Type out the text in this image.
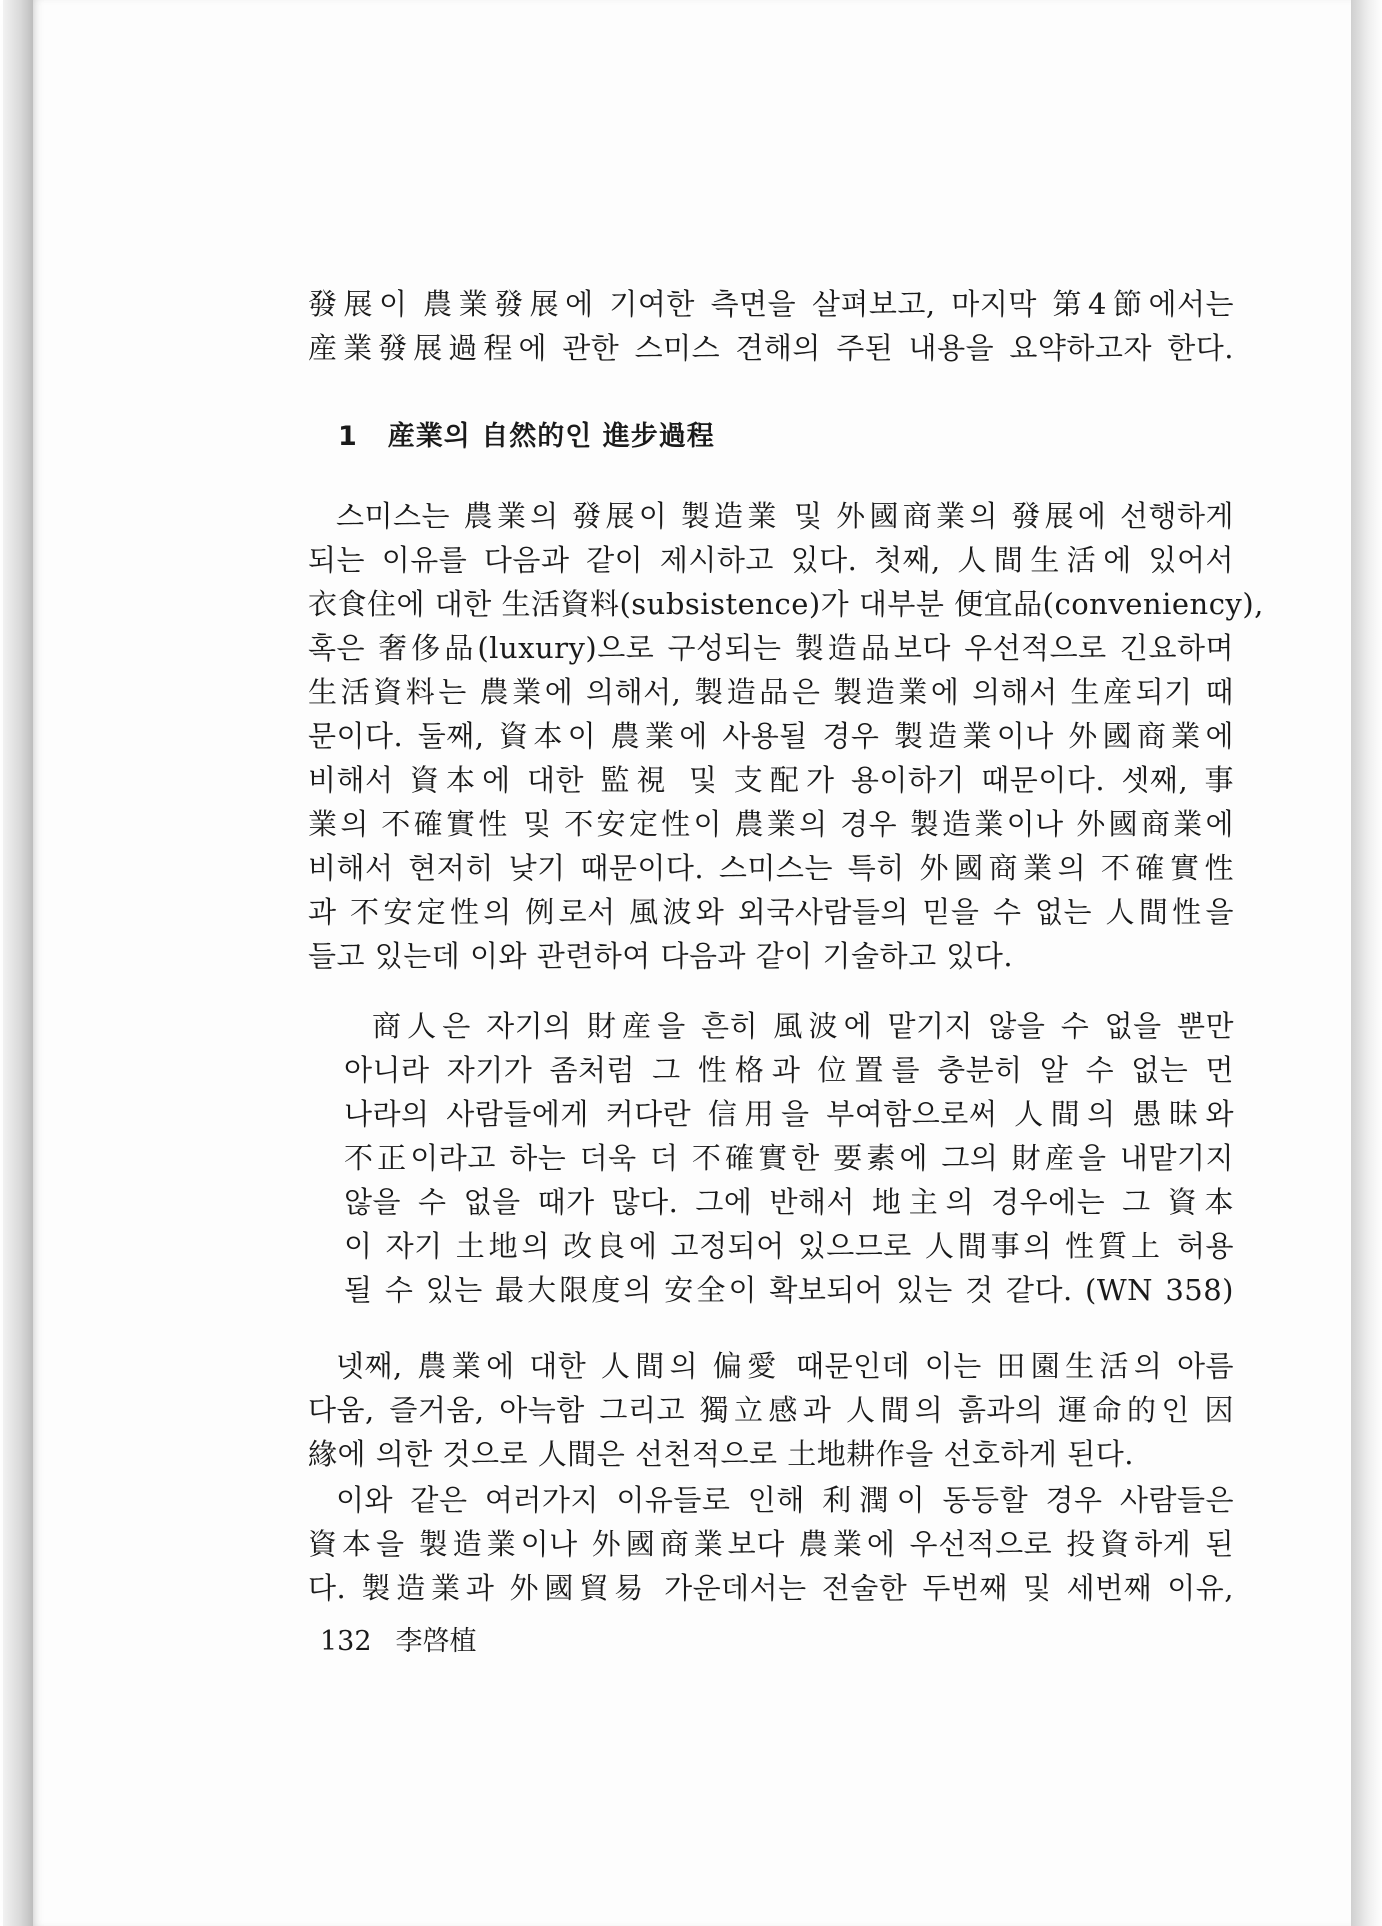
發展이 農業發展에 기여한 측면을 살펴보고, 마지막 第4節에서는
産業發展過程에 관한 스미스 견해의 주된 내용을 요약하고자 한다.
1 産業의 自然的인 進步過程
스미스는 農業의 發展이 製造業 및 外國商業의 發展에 선행하게
되는 이유를 다음과 같이 제시하고 있다. 첫째, 人間生活에 있어서
衣食住에 대한 生活資料(subsistence)가 대부분 便宜品(conveniency),
혹은 奢侈品(luxury)으로 구성되는 製造品보다 우선적으로 긴요하며
生活資料는 農業에 의해서, 製造品은 製造業에 의해서 生産되기 때
문이다. 둘째, 資本이 農業에 사용될 경우 製造業이나 外國商業에
비해서 資本에 대한 監視 및 支配가 용이하기 때문이다. 셋째, 事
業의 不確實性 및 不安定性이 農業의 경우 製造業이나 外國商業에
비해서 현저히 낮기 때문이다. 스미스는 특히 外國商業의 不確實性
과 不安定性의 例로서 風波와 외국사람들의 믿을 수 없는 人間性을
들고 있는데 이와 관련하여 다음과 같이 기술하고 있다.
商人은 자기의 財産을 흔히 風波에 맡기지 않을 수 없을 뿐만
아니라 자기가 좀처럼 그 性格과 位置를 충분히 알 수 없는 먼
나라의 사람들에게 커다란 信用을 부여함으로써 人間의 愚昧와
不正이라고 하는 더욱 더 不確實한 要素에 그의 財産을 내맡기지
않을 수 없을 때가 많다. 그에 반해서 地主의 경우에는 그 資本
이 자기 土地의 改良에 고정되어 있으므로 人間事의 性質上 허용
될 수 있는 最大限度의 安全이 확보되어 있는 것 같다. (WN 358)
넷째, 農業에 대한 人間의 偏愛 때문인데 이는 田園生活의 아름
다움, 즐거움, 아늑함 그리고 獨立感과 人間의 흙과의 運命的인 因
緣에 의한 것으로 人間은 선천적으로 土地耕作을 선호하게 된다.
이와 같은 여러가지 이유들로 인해 利潤이 동등할 경우 사람들은
資本을 製造業이나 外國商業보다 農業에 우선적으로 投資하게 된
다. 製造業과 外國貿易 가운데서는 전술한 두번째 및 세번째 이유,
132 李啓植
